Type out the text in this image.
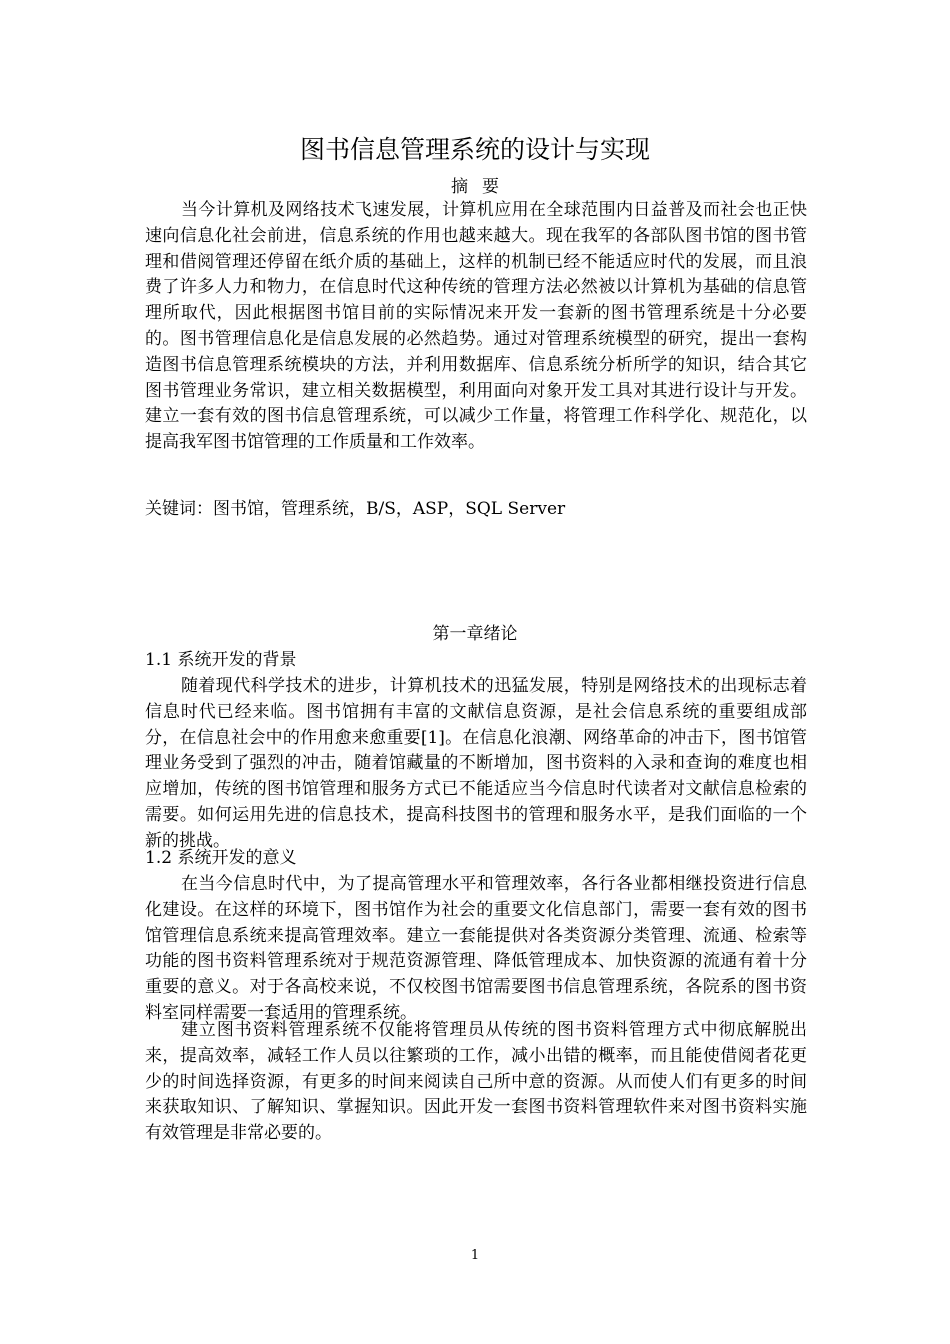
图书信息管理系统的设计与实现
摘要

当今计算机及网络技术飞速发展，计算机应用在全球范围内日益普及而社会也正快速向信息化社会前进，信息系统的作用也越来越大。现在我军的各部队图书馆的图书管理和借阅管理还停留在纸介质的基础上，这样的机制已经不能适应时代的发展，而且浪费了许多人力和物力，在信息时代这种传统的管理方法必然被以计算机为基础的信息管理所取代，因此根据图书馆目前的实际情况来开发一套新的图书管理系统是十分必要的。图书管理信息化是信息发展的必然趋势。通过对管理系统模型的研究，提出一套构造图书信息管理系统模块的方法，并利用数据库、信息系统分析所学的知识，结合其它图书管理业务常识，建立相关数据模型，利用面向对象开发工具对其进行设计与开发。建立一套有效的图书信息管理系统，可以减少工作量，将管理工作科学化、规范化，以提高我军图书馆管理的工作质量和工作效率。

关键词：图书馆，管理系统，B/S，ASP，SQL Server

第一章绪论

1.1 系统开发的背景

随着现代科学技术的进步，计算机技术的迅猛发展，特别是网络技术的出现标志着信息时代已经来临。图书馆拥有丰富的文献信息资源，是社会信息系统的重要组成部分，在信息社会中的作用愈来愈重要[1]。在信息化浪潮、网络革命的冲击下，图书馆管理业务受到了强烈的冲击，随着馆藏量的不断增加，图书资料的入录和查询的难度也相应增加，传统的图书馆管理和服务方式已不能适应当今信息时代读者对文献信息检索的需要。如何运用先进的信息技术，提高科技图书的管理和服务水平，是我们面临的一个新的挑战。

1.2 系统开发的意义

在当今信息时代中，为了提高管理水平和管理效率，各行各业都相继投资进行信息化建设。在这样的环境下，图书馆作为社会的重要文化信息部门，需要一套有效的图书馆管理信息系统来提高管理效率。建立一套能提供对各类资源分类管理、流通、检索等功能的图书资料管理系统对于规范资源管理、降低管理成本、加快资源的流通有着十分重要的意义。对于各高校来说，不仅校图书馆需要图书信息管理系统，各院系的图书资料室同样需要一套适用的管理系统。

建立图书资料管理系统不仅能将管理员从传统的图书资料管理方式中彻底解脱出来，提高效率，减轻工作人员以往繁琐的工作，减小出错的概率，而且能使借阅者花更少的时间选择资源，有更多的时间来阅读自己所中意的资源。从而使人们有更多的时间来获取知识、了解知识、掌握知识。因此开发一套图书资料管理软件来对图书资料实施有效管理是非常必要的。

1
